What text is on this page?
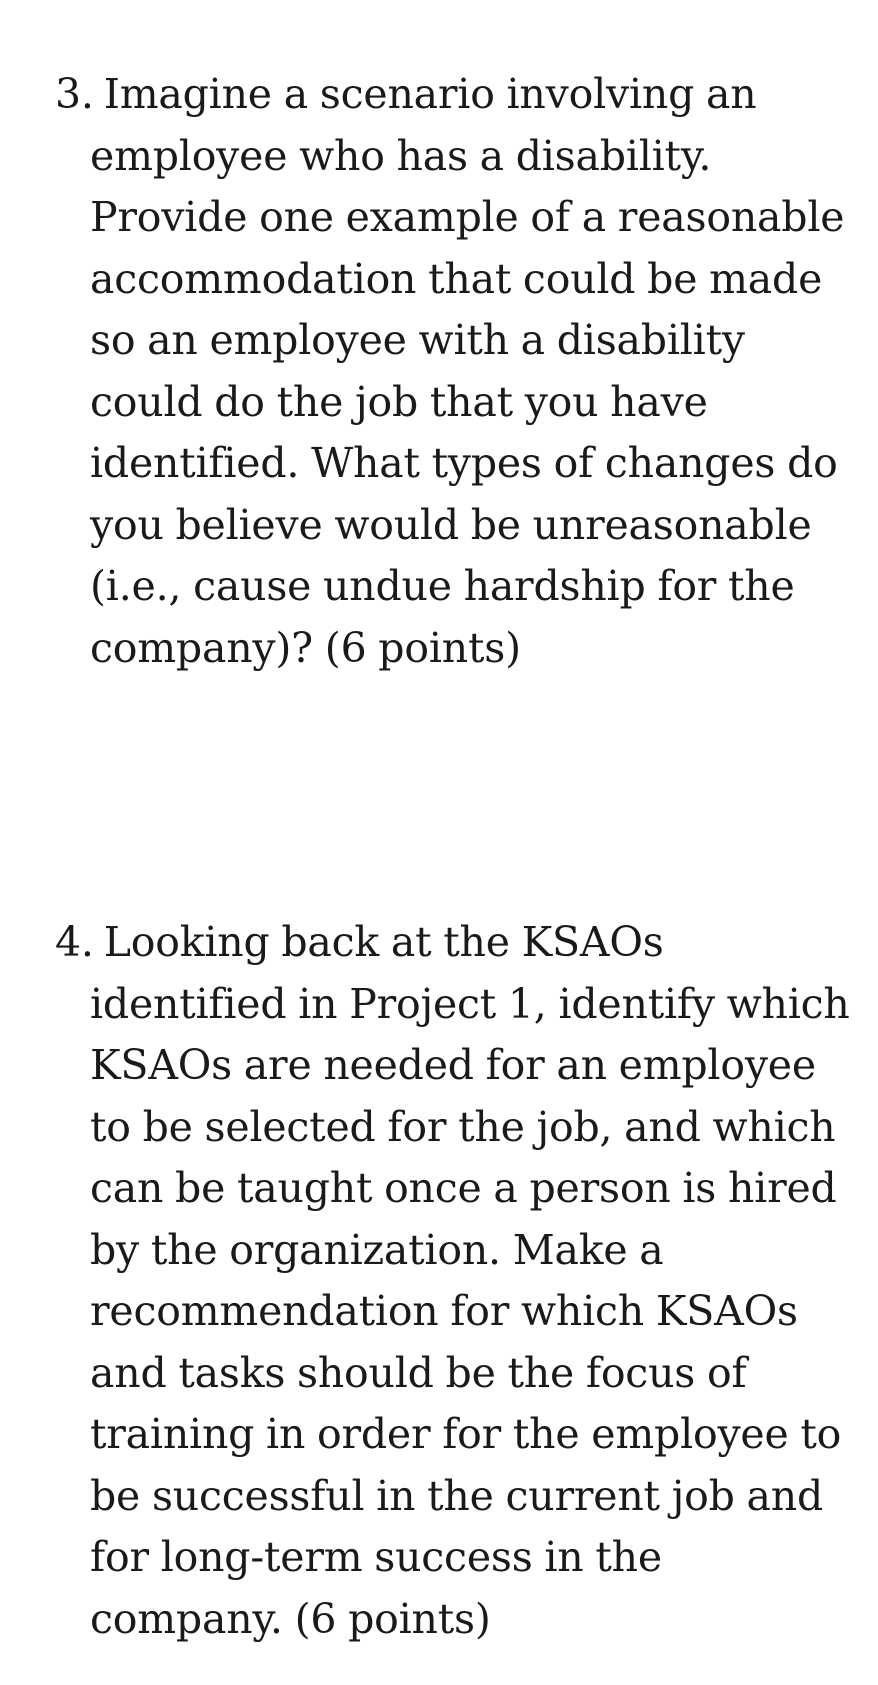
3. Imagine a scenario involving an
employee who has a disability.
Provide one example of a reasonable
accommodation that could be made
so an employee with a disability
could do the job that you have
identified. What types of changes do
you believe would be unreasonable
(i.e., cause undue hardship for the
company)? (6 points)
4. Looking back at the KSAOs
identified in Project 1, identify which
KSAOs are needed for an employee
to be selected for the job, and which
can be taught once a person is hired
by the organization. Make a
recommendation for which KSAOs
and tasks should be the focus of
training in order for the employee to
be successful in the current job and
for long-term success in the
company. (6 points)
